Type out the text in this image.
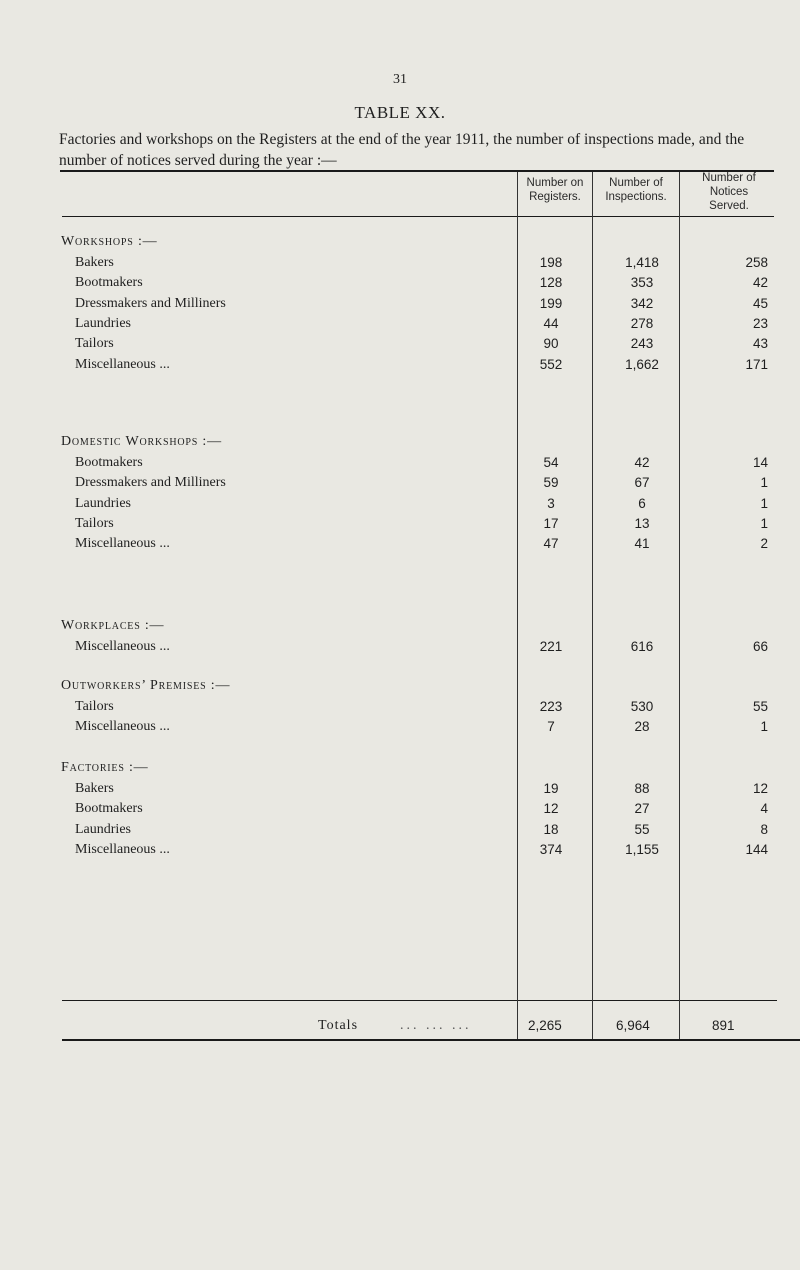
31
TABLE XX.
Factories and workshops on the Registers at the end of the year 1911, the number of inspections made, and the number of notices served during the year :—
Number on
Registers.
Number of
Inspections.
Number of
Notices
Served.
Workshops :—
Bakers	198	1,418	258
Bootmakers	128	353	42
Dressmakers and Milliners	199	342	45
Laundries	44	278	23
Tailors	90	243	43
Miscellaneous ...	552	1,662	171
Domestic Workshops :—
Bootmakers	54	42	14
Dressmakers and Milliners	59	67	1
Laundries	3	6	1
Tailors	17	13	1
Miscellaneous ...	47	41	2
Workplaces :—
Miscellaneous ...	221	616	66
Outworkers’ Premises :—
Tailors	223	530	55
Miscellaneous ...	7	28	1
Factories :—
Bakers	19	88	12
Bootmakers	12	27	4
Laundries	18	55	8
Miscellaneous ...	374	1,155	144
Totals	... ... ...	2,265	6,964	891
